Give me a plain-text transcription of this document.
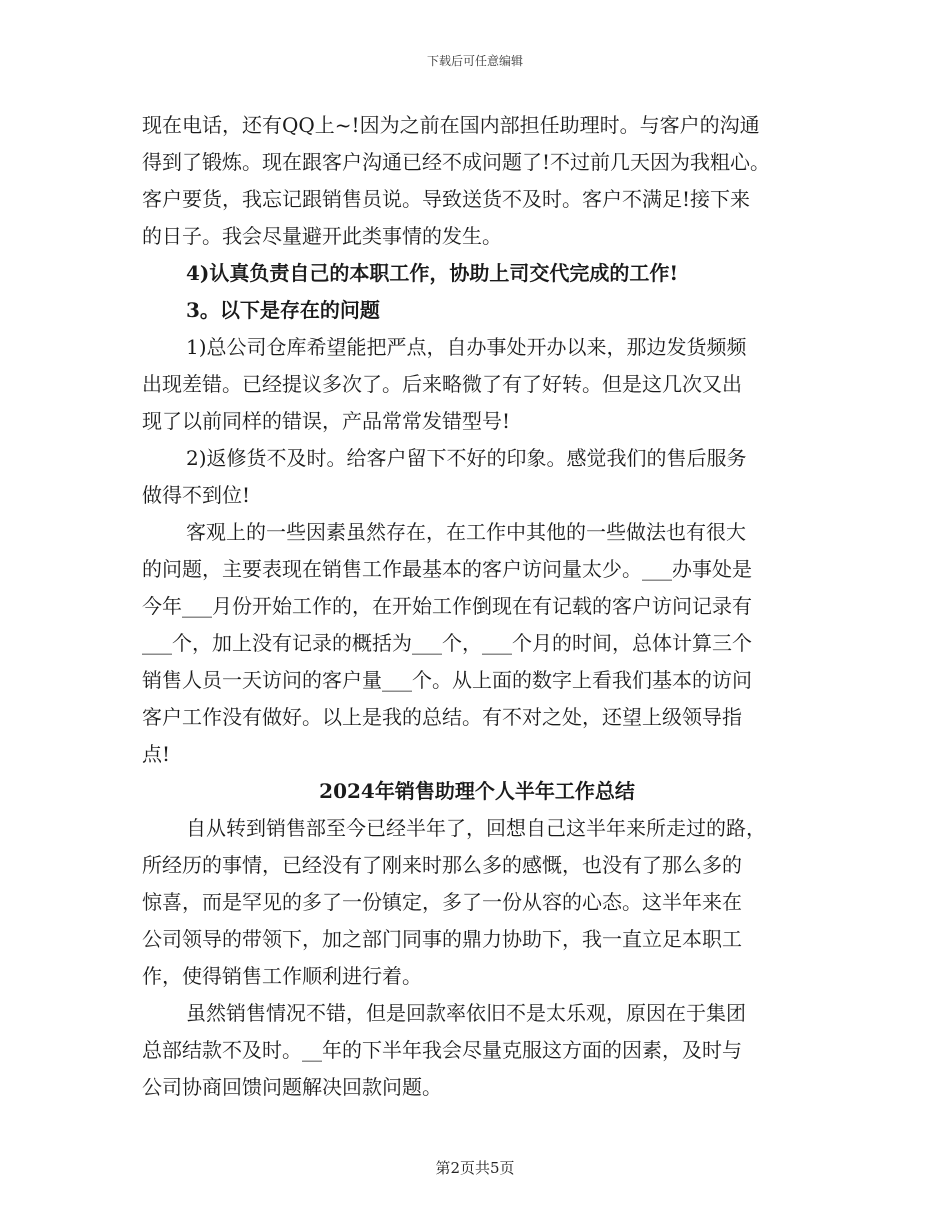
下载后可任意编辑
现在电话，还有QQ上~!因为之前在国内部担任助理时。与客户的沟通
得到了锻炼。现在跟客户沟通已经不成问题了!不过前几天因为我粗心。
客户要货，我忘记跟销售员说。导致送货不及时。客户不满足!接下来
的日子。我会尽量避开此类事情的发生。
4)认真负责自己的本职工作，协助上司交代完成的工作!
3。以下是存在的问题
1)总公司仓库希望能把严点，自办事处开办以来，那边发货频频
出现差错。已经提议多次了。后来略微了有了好转。但是这几次又出
现了以前同样的错误，产品常常发错型号!
2)返修货不及时。给客户留下不好的印象。感觉我们的售后服务
做得不到位!
客观上的一些因素虽然存在，在工作中其他的一些做法也有很大
的问题，主要表现在销售工作最基本的客户访问量太少。___办事处是
今年___月份开始工作的，在开始工作倒现在有记载的客户访问记录有
___个，加上没有记录的概括为___个，___个月的时间，总体计算三个
销售人员一天访问的客户量___个。从上面的数字上看我们基本的访问
客户工作没有做好。以上是我的总结。有不对之处，还望上级领导指
点!
2024年销售助理个人半年工作总结
自从转到销售部至今已经半年了，回想自己这半年来所走过的路，
所经历的事情，已经没有了刚来时那么多的感慨，也没有了那么多的
惊喜，而是罕见的多了一份镇定，多了一份从容的心态。这半年来在
公司领导的带领下，加之部门同事的鼎力协助下，我一直立足本职工
作，使得销售工作顺利进行着。
虽然销售情况不错，但是回款率依旧不是太乐观，原因在于集团
总部结款不及时。__年的下半年我会尽量克服这方面的因素，及时与
公司协商回馈问题解决回款问题。
第2页共5页
